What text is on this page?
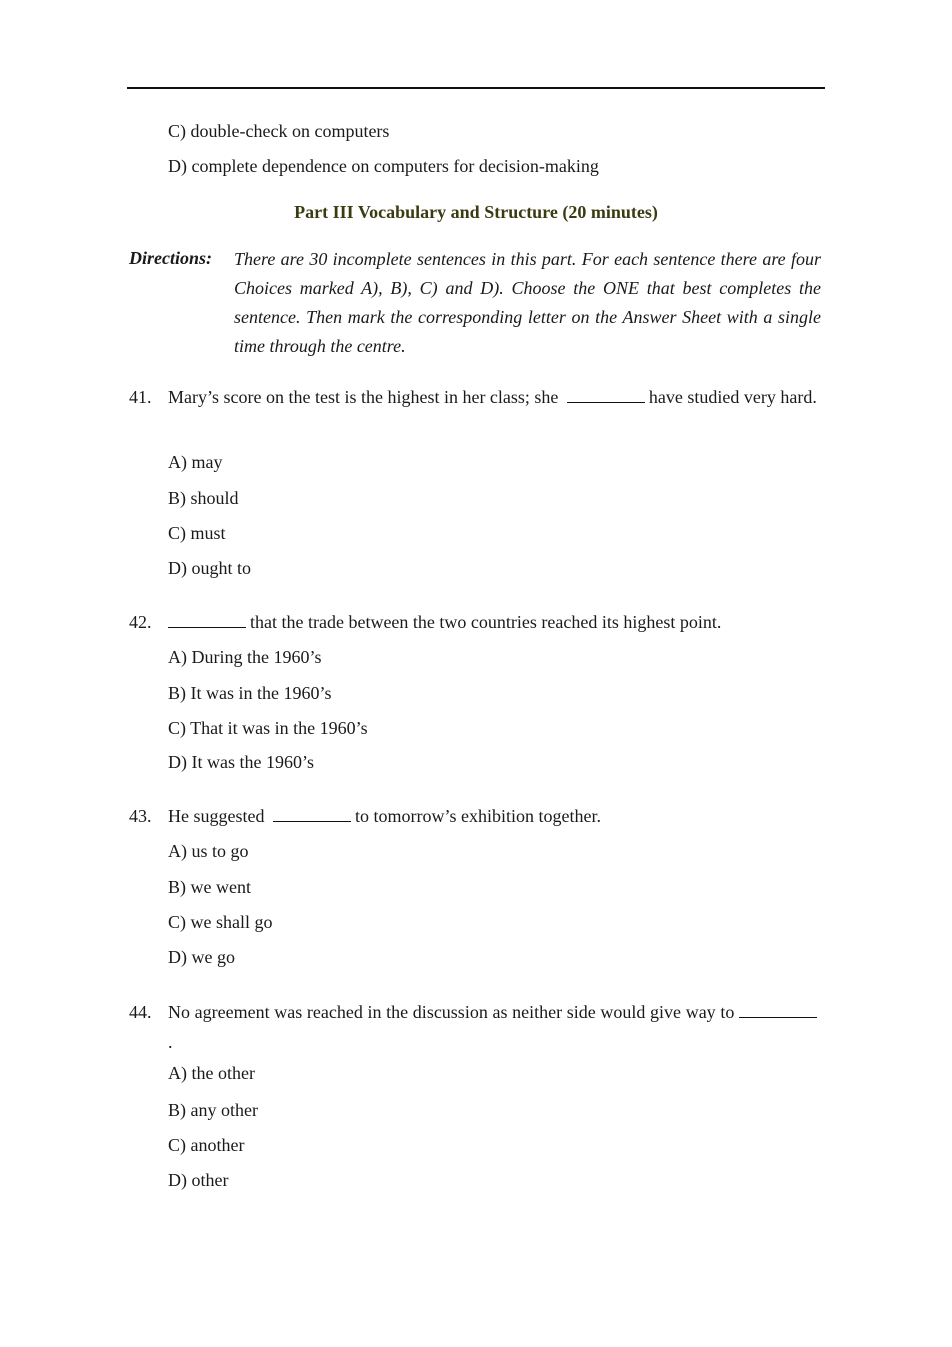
C) double-check on computers
D) complete dependence on computers for decision-making
Part III Vocabulary and Structure (20 minutes)
Directions: There are 30 incomplete sentences in this part. For each sentence there are four Choices marked A), B), C) and D). Choose the ONE that best completes the sentence. Then mark the corresponding letter on the Answer Sheet with a single time through the centre.
41. Mary’s score on the test is the highest in her class; she	have studied very hard.
A) may
B) should
C) must
D) ought to
42.	that the trade between the two countries reached its highest point.
A) During the 1960’s
B) It was in the 1960’s
C) That it was in the 1960’s
D) It was the 1960’s
43. He suggested	to tomorrow’s exhibition together.
A) us to go
B) we went
C) we shall go
D) we go
44. No agreement was reached in the discussion as neither side would give way to .
A) the other
B) any other
C) another
D) other
